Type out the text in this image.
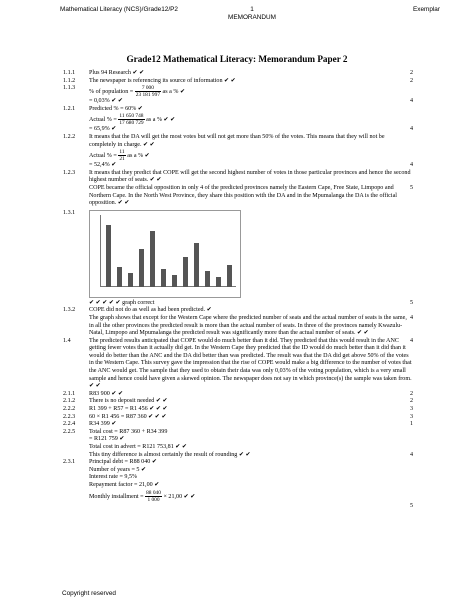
Mathematical Literacy (NCS)/Grade12/P2	1
MEMORANDUM
Exemplar
Grade12 Mathematical Literacy: Memorandum Paper 2
1.1.1	Plus 94 Research ✔ ✔	2
1.1.2	The newspaper is referencing its source of information ✔ ✔	2
1.1.3
% of population = $\frac{7 000}{23 181 997}$ as a % ✔
= 0,03% ✔ ✔	4
1.2.1	Predicted % = 60% ✔
Actual % = $\frac{11 650 748}{17 680 729}$ as a % ✔ ✔
= 65,9% ✔	4
1.2.2	It means that the DA will get the most votes but will not get more than 50% of the votes. This means that they will not be completely in charge. ✔ ✔
Actual % = $\frac{11}{21}$ as a % ✔
= 52,4% ✔	4
1.2.3	It means that they predict that COPE will get the second highest number of votes in those particular provinces and hence the second highest number of seats. ✔ ✔
COPE became the official opposition in only 4 of the predicted provinces namely the Eastern Cape, Free State, Limpopo and Northern Cape. In the North West Province, they share this position with the DA and in the Mpumalanga the DA is the official opposition. ✔ ✔
5
1.3.1
✔ ✔ ✔ ✔ ✔ graph correct	5
1.3.2	COPE did not do as well as had been predicted. ✔
The graph shows that except for the Western Cape where the predicted number of seats and the actual number of seats is the same, in all the other provinces the predicted result is more than the actual number of seats. In three of the provinces namely Kwazulu-Natal, Limpopo and Mpumalanga the predicted result was significantly more than the actual number of seats. ✔ ✔
4
1.4	The predicted results anticipated that COPE would do much better than it did. They predicted that this would result in the ANC getting fewer votes than it actually did get. In the Western Cape they predicted that the ID would do much better than it did than it would do better than the ANC and the DA did better than was predicted. The result was that the DA did get above 50% of the votes in the Western Cape. This survey gave the impression that the rise of COPE would make a big difference to the number of votes that the ANC would get. The sample that they used to obtain their data was only 0,03% of the voting population, which is a very small sample and hence could have given a skewed opinion. The newspaper does not say in which province(s) the sample was taken from. ✔ ✔
4
2.1.1	R83 900 ✔ ✔	2
2.1.2	There is no deposit needed ✔ ✔	2
2.2.2	R1 399 + R57 = R1 456 ✔ ✔ ✔	3
2.2.3	60 × R1 456 = R87 360 ✔ ✔ ✔	3
2.2.4	R34 399 ✔	1
2.2.5	Total cost = R87 360 + R34 399
= R121 759 ✔
Total cost in advert = R121 753,81 ✔ ✔
This tiny difference is almost certainly the result of rounding ✔ ✔	4
2.3.1	Principal debt = R88 040 ✔
Number of years = 5 ✔
Interest rate = 9,5%
Repayment factor = 21,00 ✔
Monthly installment = $\frac{88 040}{1 000} \times 21,00$ ✔ ✔
5
Copyright reserved
